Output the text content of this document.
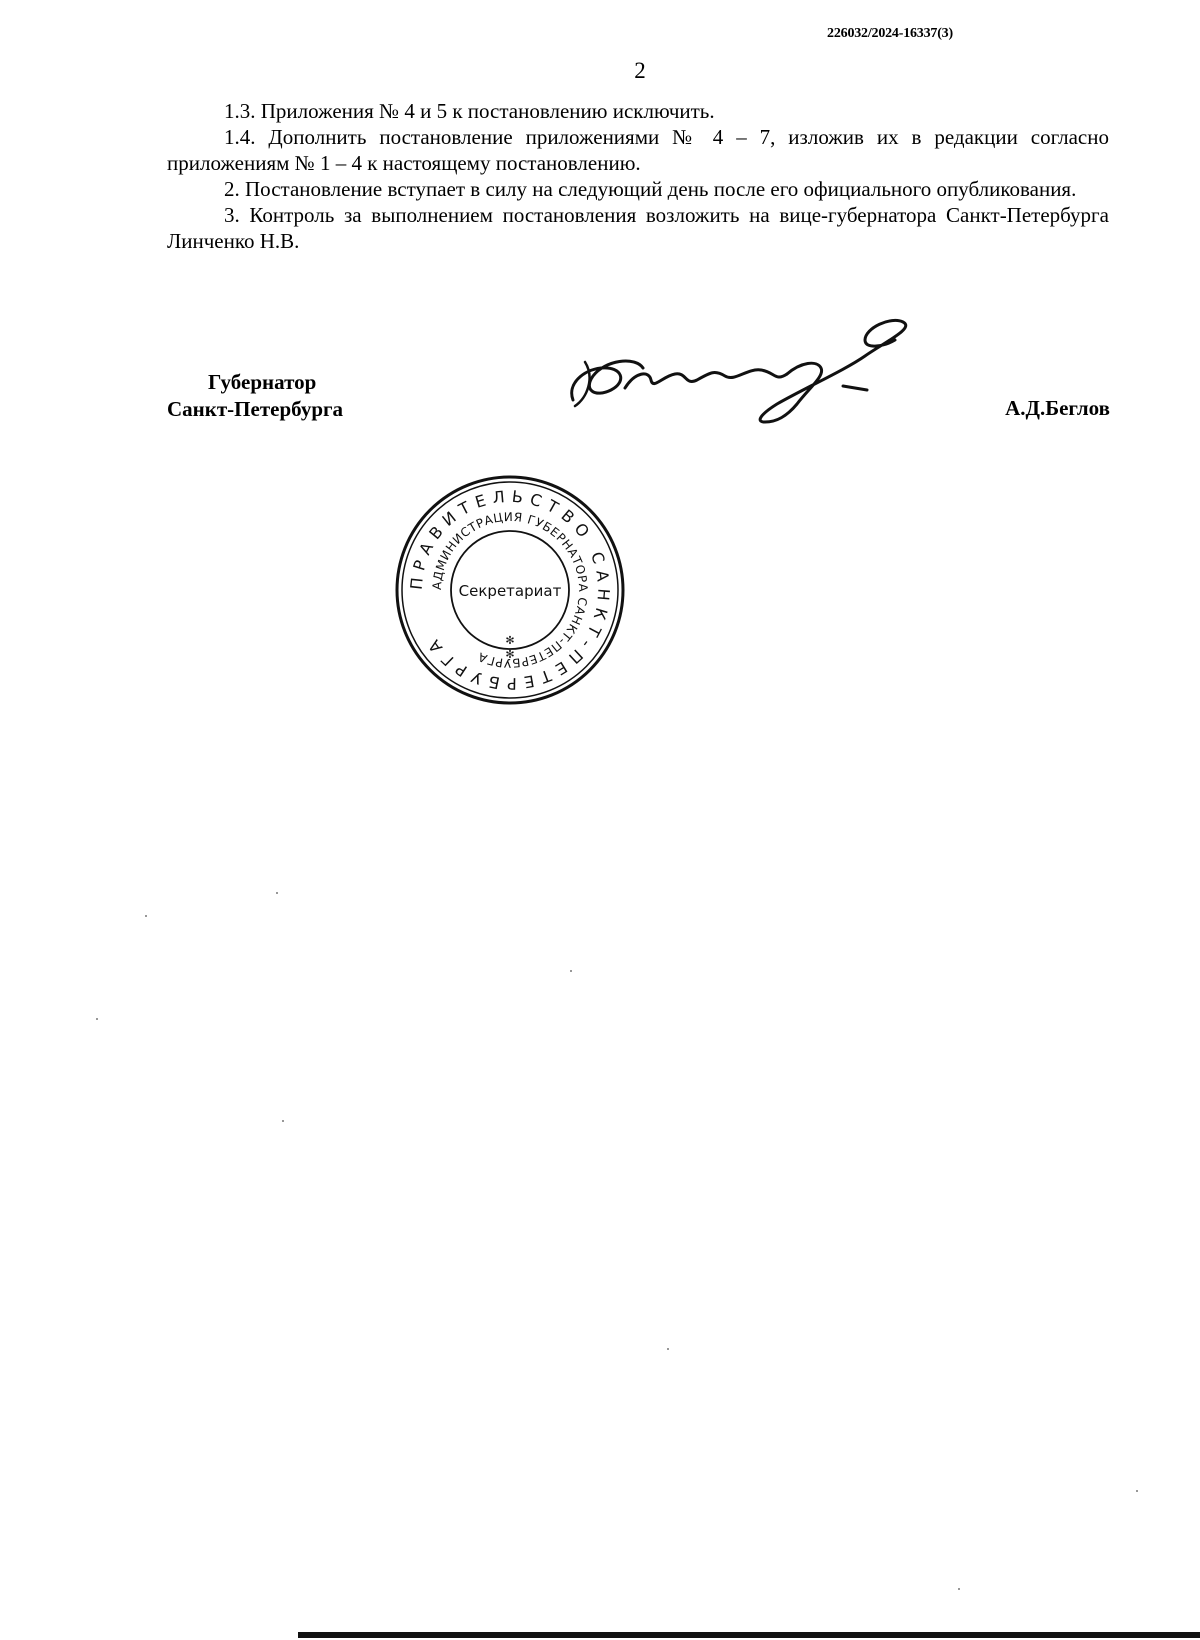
226032/2024-16337(3)
2

1.3. Приложения № 4 и 5 к постановлению исключить.

1.4. Дополнить постановление приложениями № 4 – 7, изложив их в редакции согласно приложениям № 1 – 4 к настоящему постановлению.

2. Постановление вступает в силу на следующий день после его официального опубликования.

3. Контроль за выполнением постановления возложить на вице-губернатора Санкт-Петербурга Линченко Н.В.

Губернатор
Санкт-Петербурга	А.Д.Беглов
ПРАВИТЕЛЬСТВО САНКТ-ПЕТЕРБУРГА
АДМИНИСТРАЦИЯ ГУБЕРНАТОРА САНКТ-ПЕТЕРБУРГА
Секретариат
✻
✻
